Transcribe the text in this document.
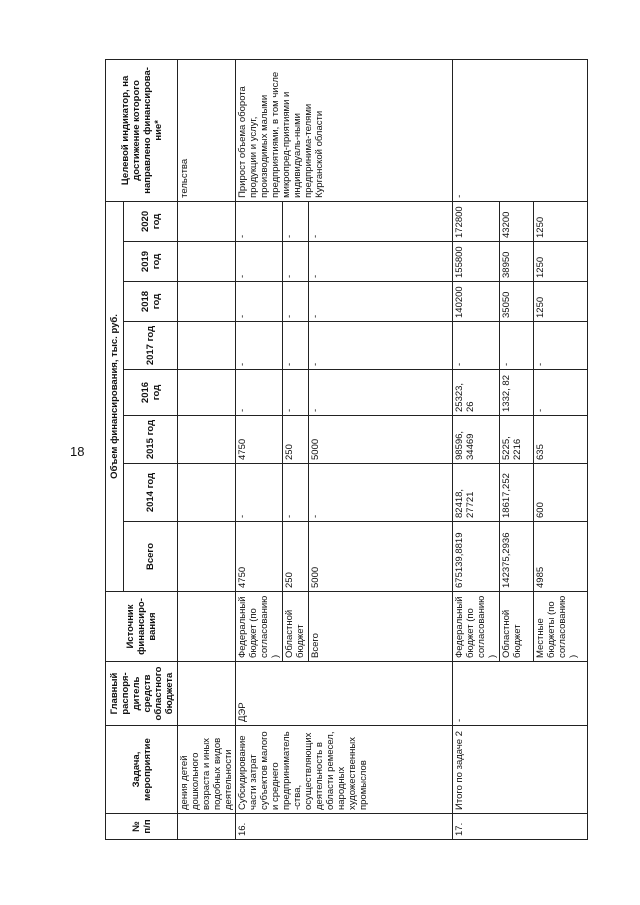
18
№ п/п	Задача, мероприятие	Главный распоря-дитель средств областного бюджета	Источник финансиро-вания	Объем финансирования, тыс. руб.								Целевой индикатор, на достижение которого направлено финансирова-ние*
				Всего	2014 год	2015 год	2016 год	2017 год	2018 год	2019 год	2020 год	
	дения детей дошкольного возраста и иных подобных видов деятельности											тельства
16.	Субсидирование части затрат субъектов малого и среднего предприниматель-ства, осуществляющих деятельность в области ремесел, народных художественных промыслов	ДЭР	Федеральный бюджет (по согласованию)	4750	-	4750	-	-	-	-	-	Прирост объема оборота продукции и услуг, производимых малыми предприятиями, в том числе микропред-приятиями и индивидуаль-ными предпринима-телями Курганской области
			Областной бюджет	250	-	250	-	-	-	-	-	
			Всего	5000	-	5000	-	-	-	-	-	
17.	Итого по задаче 2	-	Федеральный бюджет (по согласованию)	675139,8819	82418, 27721	98596, 34469	25323, 26	-	140200	155800	172800	-
			Областной бюджет	142375,2936	18617,252	5225, 2216	1332, 82	-	35050	38950	43200	
			Местные бюджеты (по согласованию)	4985	600	635	-	-	1250	1250	1250	
